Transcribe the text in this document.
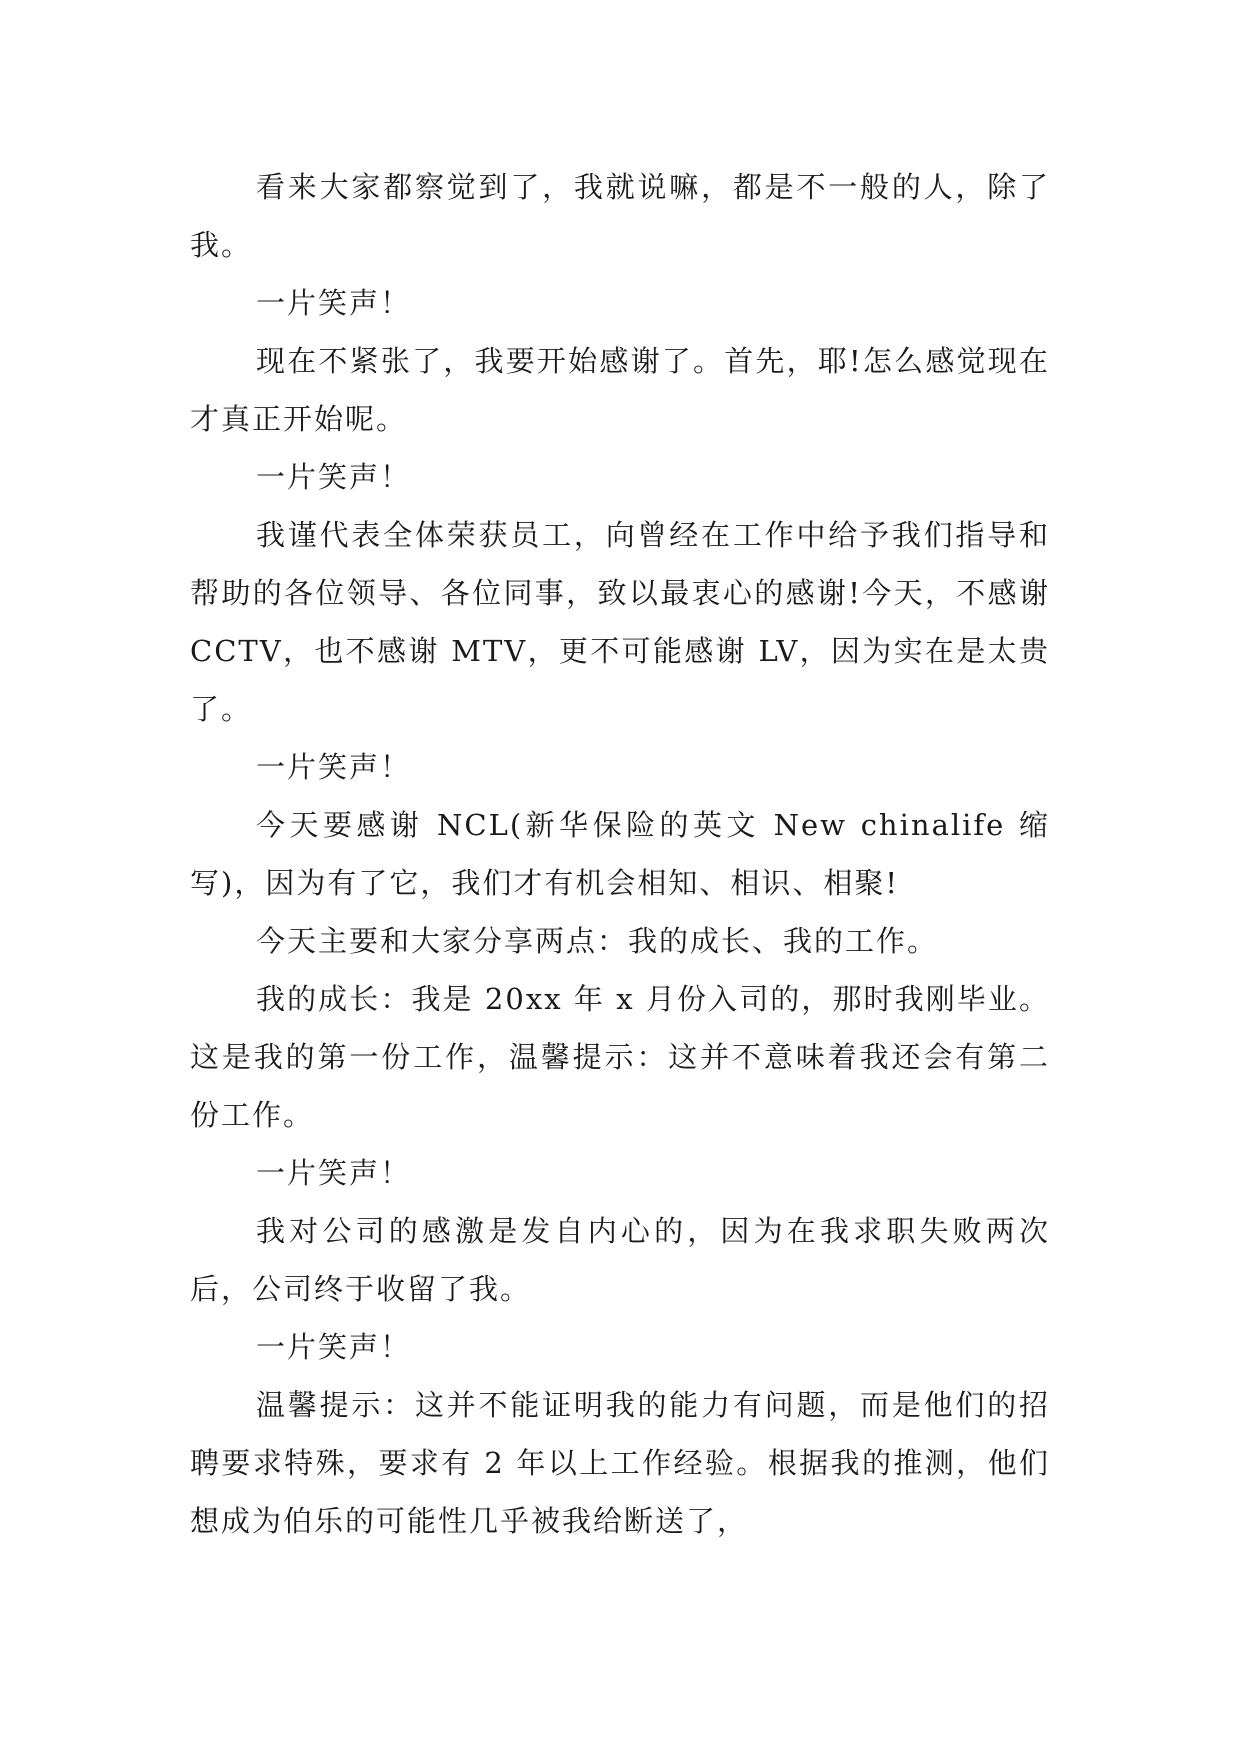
看来大家都察觉到了，我就说嘛，都是不一般的人，除了我。

一片笑声！

现在不紧张了，我要开始感谢了。首先，耶!怎么感觉现在才真正开始呢。

一片笑声！

我谨代表全体荣获员工，向曾经在工作中给予我们指导和帮助的各位领导、各位同事，致以最衷心的感谢!今天，不感谢 CCTV，也不感谢 MTV，更不可能感谢 LV，因为实在是太贵了。

一片笑声！

今天要感谢 NCL(新华保险的英文 New chinalife 缩写)，因为有了它，我们才有机会相知、相识、相聚!

今天主要和大家分享两点：我的成长、我的工作。

我的成长：我是 20xx 年 x 月份入司的，那时我刚毕业。这是我的第一份工作，温馨提示：这并不意味着我还会有第二份工作。

一片笑声！

我对公司的感激是发自内心的，因为在我求职失败两次后，公司终于收留了我。

一片笑声！

温馨提示：这并不能证明我的能力有问题，而是他们的招聘要求特殊，要求有 2 年以上工作经验。根据我的推测，他们想成为伯乐的可能性几乎被我给断送了，
